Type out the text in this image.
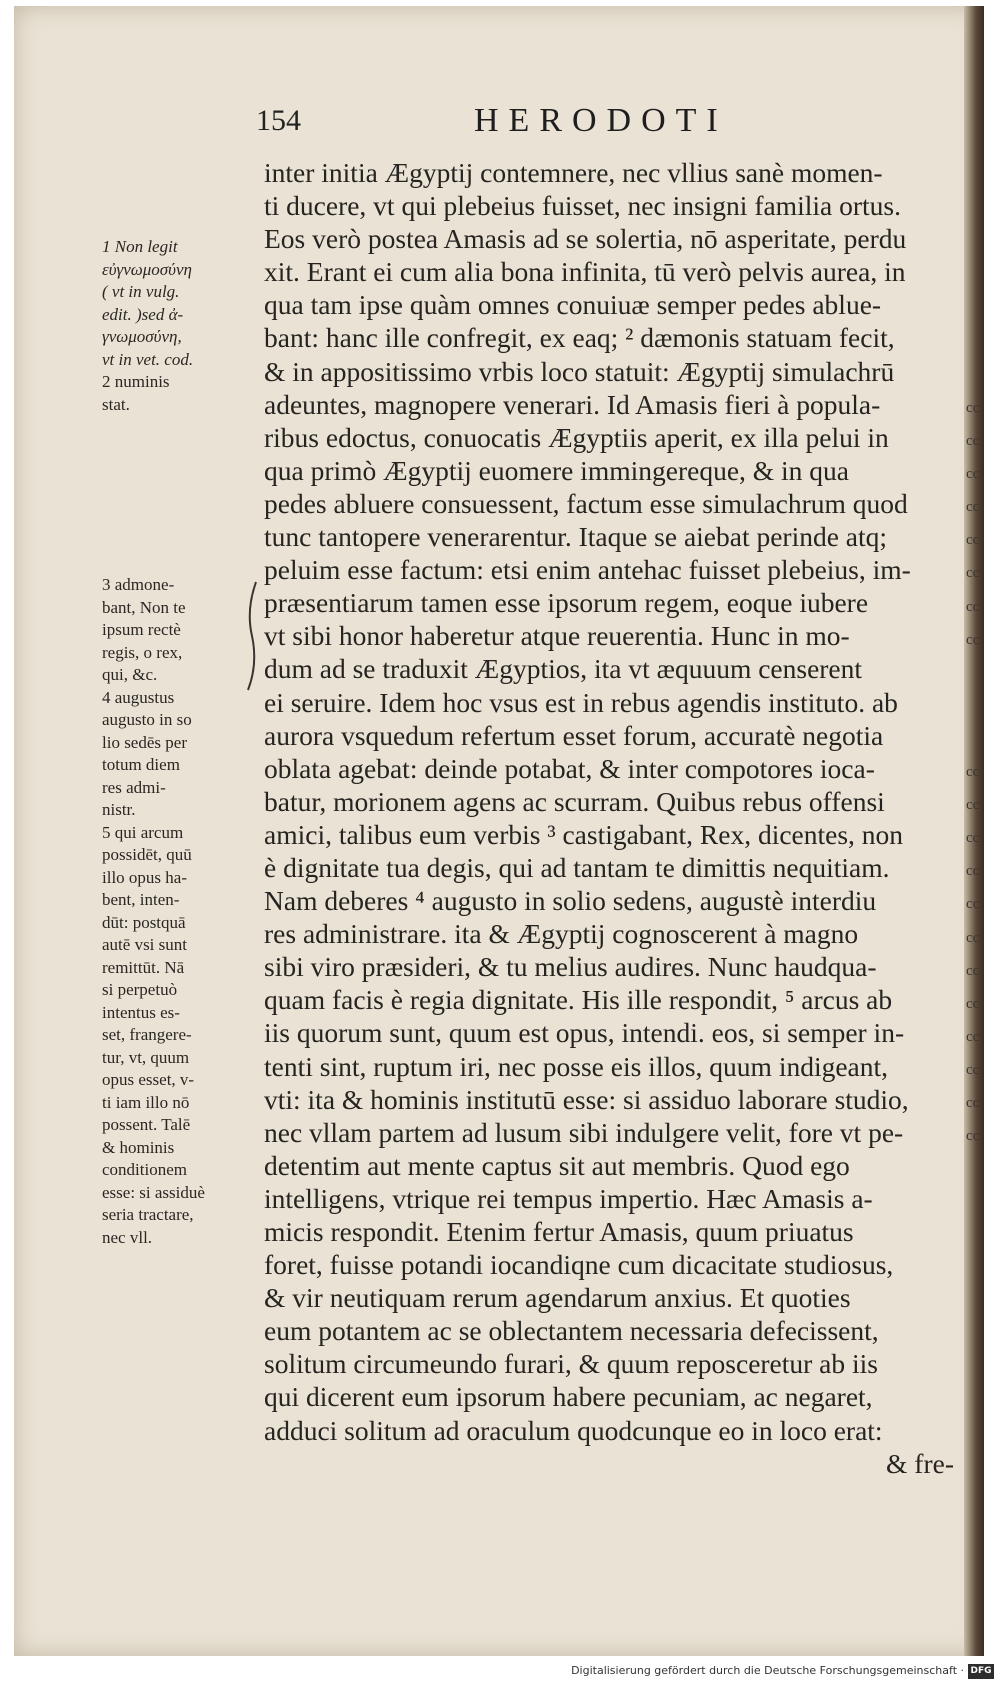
154	HERODOTI
1 Non legit
εὐγνωμοσύνη
( vt in vulg.
edit. )sed ἀ-
γνωμοσύνη,
vt in vet. cod.
2 numinis
stat.
3 admone-
bant, Non te
ipsum rectè
regis, o rex,
qui, &c.
4 augustus
augusto in so
lio sedēs per
totum diem
res admi-
nistr.
5 qui arcum
possidēt, quū
illo opus ha-
bent, inten-
dūt: postquā
autē vsi sunt
remittūt. Nā
si perpetuò
intentus es-
set, frangere-
tur, vt, quum
opus esset, v-
ti iam illo nō
possent. Talē
& hominis
conditionem
esse: si assiduè
seria tractare,
nec vll.
inter initia Ægyptij contemnere, nec vllius sanè momen-
ti ducere, vt qui plebeius fuisset, nec insigni familia ortus.
Eos verò postea Amasis ad se solertia, nō asperitate, perdu
xit. Erant ei cum alia bona infinita, tū verò pelvis aurea, in
qua tam ipse quàm omnes conuiuæ semper pedes ablue-
bant: hanc ille confregit, ex eaq; ² dæmonis statuam fecit,
& in appositissimo vrbis loco statuit: Ægyptij simulachrū
adeuntes, magnopere venerari. Id Amasis fieri à popula-
ribus edoctus, conuocatis Ægyptiis aperit, ex illa pelui in
qua primò Ægyptij euomere immingereque, & in qua
pedes abluere consuessent, factum esse simulachrum quod
tunc tantopere venerarentur. Itaque se aiebat perinde atq;
peluim esse factum: etsi enim antehac fuisset plebeius, im-
præsentiarum tamen esse ipsorum regem, eoque iubere
vt sibi honor haberetur atque reuerentia. Hunc in mo-
dum ad se traduxit Ægyptios, ita vt æquuum censerent
ei seruire. Idem hoc vsus est in rebus agendis instituto. ab
aurora vsquedum refertum esset forum, accuratè negotia
oblata agebat: deinde potabat, & inter compotores ioca-
batur, morionem agens ac scurram. Quibus rebus offensi
amici, talibus eum verbis ³ castigabant, Rex, dicentes, non
è dignitate tua degis, qui ad tantam te dimittis nequitiam.
Nam deberes ⁴ augusto in solio sedens, augustè interdiu
res administrare. ita & Ægyptij cognoscerent à magno
sibi viro præsideri, & tu melius audires. Nunc haudqua-
quam facis è regia dignitate. His ille respondit, ⁵ arcus ab
iis quorum sunt, quum est opus, intendi. eos, si semper in-
tenti sint, ruptum iri, nec posse eis illos, quum indigeant,
vti: ita & hominis institutū esse: si assiduo laborare studio,
nec vllam partem ad lusum sibi indulgere velit, fore vt pe-
detentim aut mente captus sit aut membris. Quod ego
intelligens, vtrique rei tempus impertio. Hæc Amasis a-
micis respondit. Etenim fertur Amasis, quum priuatus
foret, fuisse potandi iocandiqne cum dicacitate studiosus,
& vir neutiquam rerum agendarum anxius. Et quoties
eum potantem ac se oblectantem necessaria defecissent,
solitum circumeundo furari, & quum reposceretur ab iis
qui dicerent eum ipsorum habere pecuniam, ac negaret,
adduci solitum ad oraculum quodcunque eo in loco erat:
& fre-
cc
cc
cc
cc
cc
cc
cc
cc
cc
cc
cc
cc
cc
cc
cc
cc
cc
cc
cc
cc
Digitalisierung gefördert durch die Deutsche Forschungsgemeinschaft · DFG
